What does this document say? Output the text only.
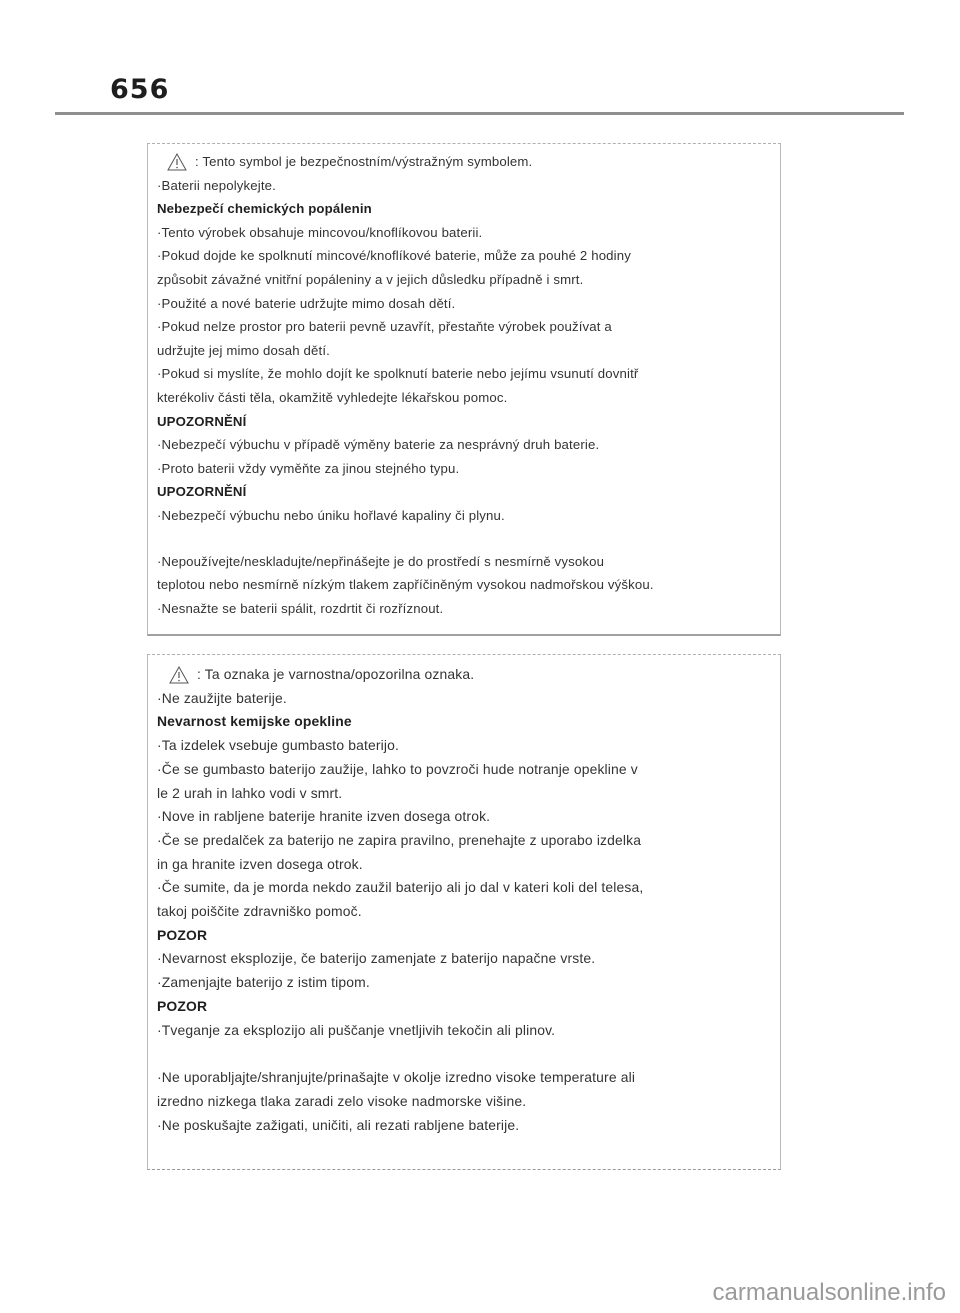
656
: Tento symbol je bezpečnostním/výstražným symbolem.

·Baterii nepolykejte.

Nebezpečí chemických popálenin

·Tento výrobek obsahuje mincovou/knoflíkovou baterii.

·Pokud dojde ke spolknutí mincové/knoflíkové baterie, může za pouhé 2 hodiny

způsobit závažné vnitřní popáleniny a v jejich důsledku případně i smrt.

·Použité a nové baterie udržujte mimo dosah dětí.

·Pokud nelze prostor pro baterii pevně uzavřít, přestaňte výrobek používat a

udržujte jej mimo dosah dětí.

·Pokud si myslíte, že mohlo dojít ke spolknutí baterie nebo jejímu vsunutí dovnitř

kterékoliv části těla, okamžitě vyhledejte lékařskou pomoc.

UPOZORNĚNÍ

·Nebezpečí výbuchu v případě výměny baterie za nesprávný druh baterie.

·Proto baterii vždy vyměňte za jinou stejného typu.

UPOZORNĚNÍ

·Nebezpečí výbuchu nebo úniku hořlavé kapaliny či plynu.

·Nepoužívejte/neskladujte/nepřinášejte je do prostředí s nesmírně vysokou

teplotou nebo nesmírně nízkým tlakem zapříčiněným vysokou nadmořskou výškou.

·Nesnažte se baterii spálit, rozdrtit či rozříznout.

: Ta oznaka je varnostna/opozorilna oznaka.

·Ne zaužijte baterije.

Nevarnost kemijske opekline

·Ta izdelek vsebuje gumbasto baterijo.

·Če se gumbasto baterijo zaužije, lahko to povzroči hude notranje opekline v

le 2 urah in lahko vodi v smrt.

·Nove in rabljene baterije hranite izven dosega otrok.

·Če se predalček za baterijo ne zapira pravilno, prenehajte z uporabo izdelka

in ga hranite izven dosega otrok.

·Če sumite, da je morda nekdo zaužil baterijo ali jo dal v kateri koli del telesa,

takoj poiščite zdravniško pomoč.

POZOR

·Nevarnost eksplozije, če baterijo zamenjate z baterijo napačne vrste.

·Zamenjajte baterijo z istim tipom.

POZOR

·Tveganje za eksplozijo ali puščanje vnetljivih tekočin ali plinov.

·Ne uporabljajte/shranjujte/prinašajte v okolje izredno visoke temperature ali

izredno nizkega tlaka zaradi zelo visoke nadmorske višine.

·Ne poskušajte zažigati, uničiti, ali rezati rabljene baterije.

carmanualsonline.info
